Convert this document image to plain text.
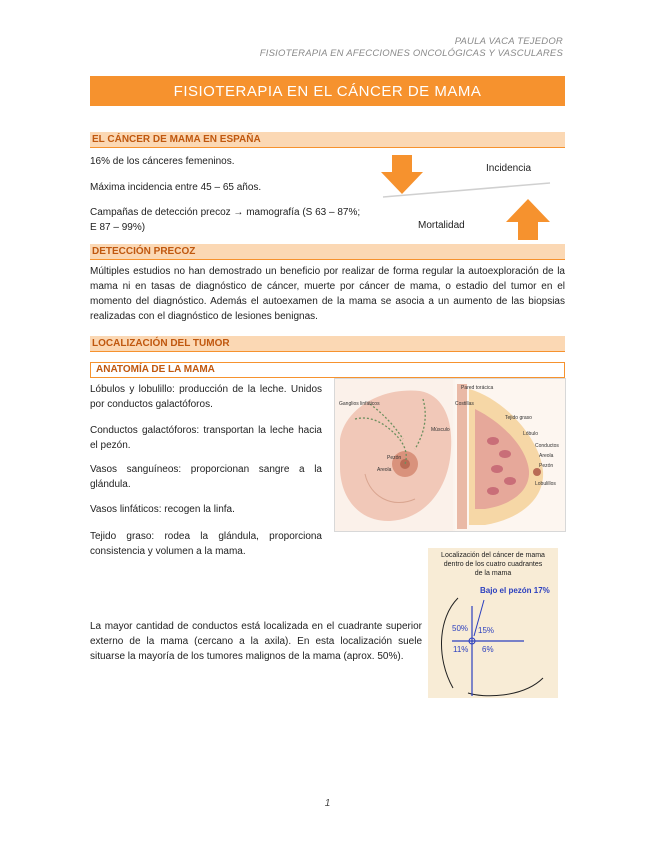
PAULA VACA TEJEDOR
FISIOTERAPIA EN AFECCIONES ONCOLÓGICAS Y VASCULARES
FISIOTERAPIA EN EL CÁNCER DE MAMA
EL CÁNCER DE MAMA EN ESPAÑA
16% de los cánceres femeninos.
Máxima incidencia entre 45 – 65 años.
Campañas de detección precoz → mamografía (S 63 – 87%;
E 87 – 99%)
Incidencia
Mortalidad
DETECCIÓN PRECOZ
Múltiples estudios no han demostrado un beneficio por realizar de forma regular la autoexploración de la mama ni en tasas de diagnóstico de cáncer, muerte por cáncer de mama, o estadio del tumor en el momento del diagnóstico. Además el autoexamen de la mama se asocia a un aumento de las biopsias realizadas con el diagnóstico de lesiones benignas.
LOCALIZACIÓN DEL TUMOR
ANATOMÍA DE LA MAMA
Lóbulos y lobulillo: producción de la leche. Unidos por conductos galactóforos.
Conductos galactóforos: transportan la leche hacia el pezón.
Vasos sanguíneos: proporcionan sangre a la glándula.
Vasos linfáticos: recogen la linfa.
Tejido graso: rodea la glándula, proporciona consistencia y volumen a la mama.
Ganglios linfáticos
Pared torácica
Costillas
Músculo
Tejido graso
Lóbulo
Conductos
Areola
Pezón
Lobulillos
Pezón
Areola
Localización del cáncer de mama
dentro de los cuatro cuadrantes
de la mama
Bajo el pezón 17%
50% 15%
11% 6%
La mayor cantidad de conductos está localizada en el cuadrante superior externo de la mama (cercano a la axila). En esta localización suele situarse la mayoría de los tumores malignos de la mama (aprox. 50%).
1
